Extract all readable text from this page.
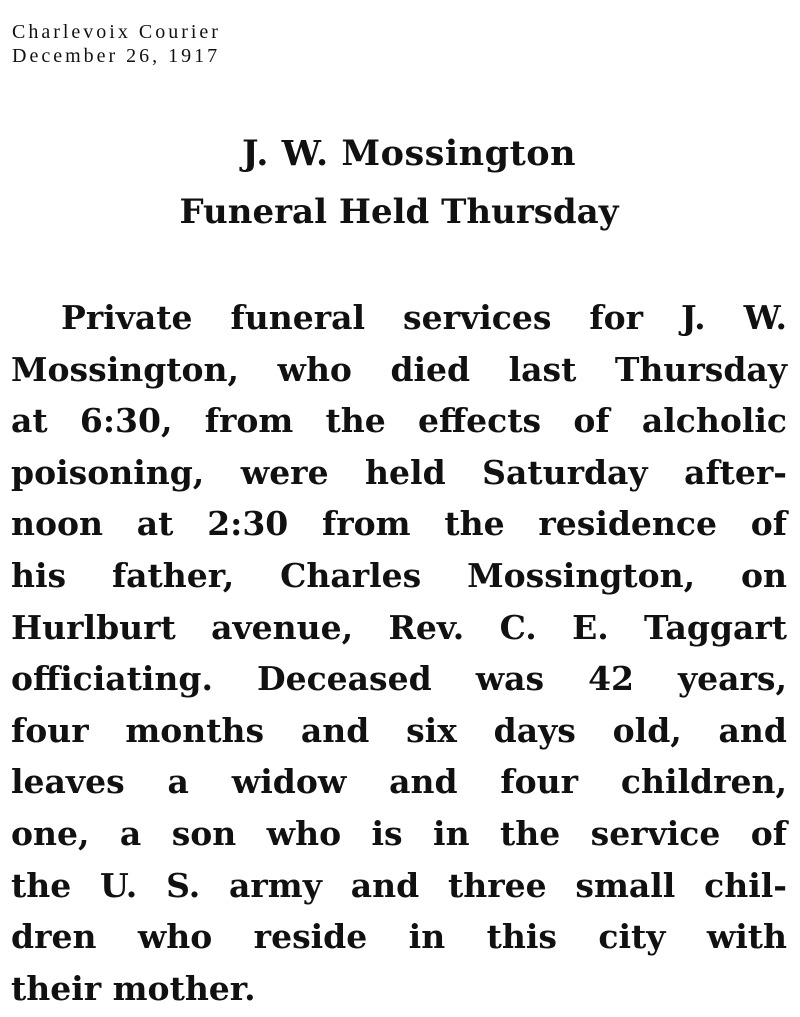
Charlevoix Courier
December 26, 1917
J. W. Mossington
Funeral Held Thursday
Private funeral services for J. W.
Mossington, who died last Thursday
at 6:30, from the effects of alcholic
poisoning, were held Saturday after-
noon at 2:30 from the residence of
his father, Charles Mossington, on
Hurlburt avenue, Rev. C. E. Taggart
officiating. Deceased was 42 years,
four months and six days old, and
leaves a widow and four children,
one, a son who is in the service of
the U. S. army and three small chil-
dren who reside in this city with
their mother.
